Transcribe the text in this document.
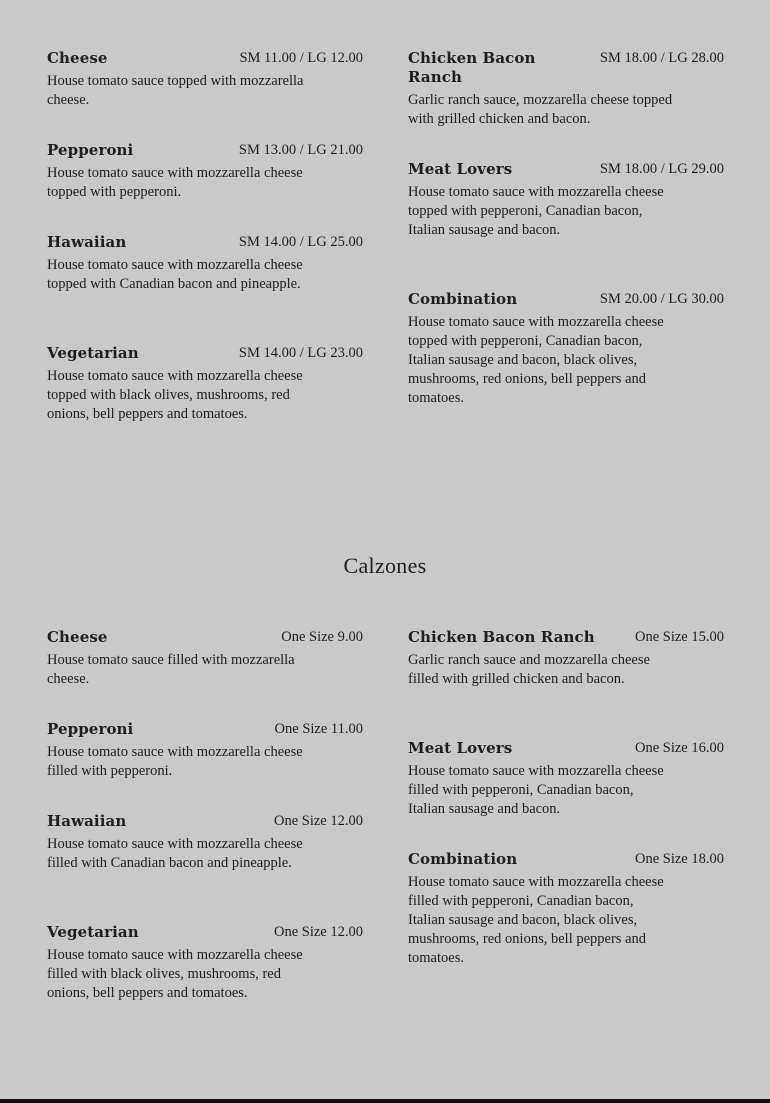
Cheese	SM 11.00 / LG 12.00
House tomato sauce topped with mozzarella cheese.
Pepperoni	SM 13.00 / LG 21.00
House tomato sauce with mozzarella cheese topped with pepperoni.
Hawaiian	SM 14.00 / LG 25.00
House tomato sauce with mozzarella cheese topped with Canadian bacon and pineapple.
Vegetarian	SM 14.00 / LG 23.00
House tomato sauce with mozzarella cheese topped with black olives, mushrooms, red onions, bell peppers and tomatoes.
Chicken Bacon Ranch
SM 18.00 / LG 28.00
Garlic ranch sauce, mozzarella cheese topped with grilled chicken and bacon.
Meat Lovers	SM 18.00 / LG 29.00
House tomato sauce with mozzarella cheese topped with pepperoni, Canadian bacon, Italian sausage and bacon.
Combination	SM 20.00 / LG 30.00
House tomato sauce with mozzarella cheese topped with pepperoni, Canadian bacon, Italian sausage and bacon, black olives, mushrooms, red onions, bell peppers and tomatoes.
Calzones
Cheese	One Size 9.00
House tomato sauce filled with mozzarella cheese.
Pepperoni	One Size 11.00
House tomato sauce with mozzarella cheese filled with pepperoni.
Hawaiian	One Size 12.00
House tomato sauce with mozzarella cheese filled with Canadian bacon and pineapple.
Vegetarian	One Size 12.00
House tomato sauce with mozzarella cheese filled with black olives, mushrooms, red onions, bell peppers and tomatoes.
Chicken Bacon Ranch	One Size 15.00
Garlic ranch sauce and mozzarella cheese filled with grilled chicken and bacon.
Meat Lovers	One Size 16.00
House tomato sauce with mozzarella cheese filled with pepperoni, Canadian bacon, Italian sausage and bacon.
Combination	One Size 18.00
House tomato sauce with mozzarella cheese filled with pepperoni, Canadian bacon, Italian sausage and bacon, black olives, mushrooms, red onions, bell peppers and tomatoes.
